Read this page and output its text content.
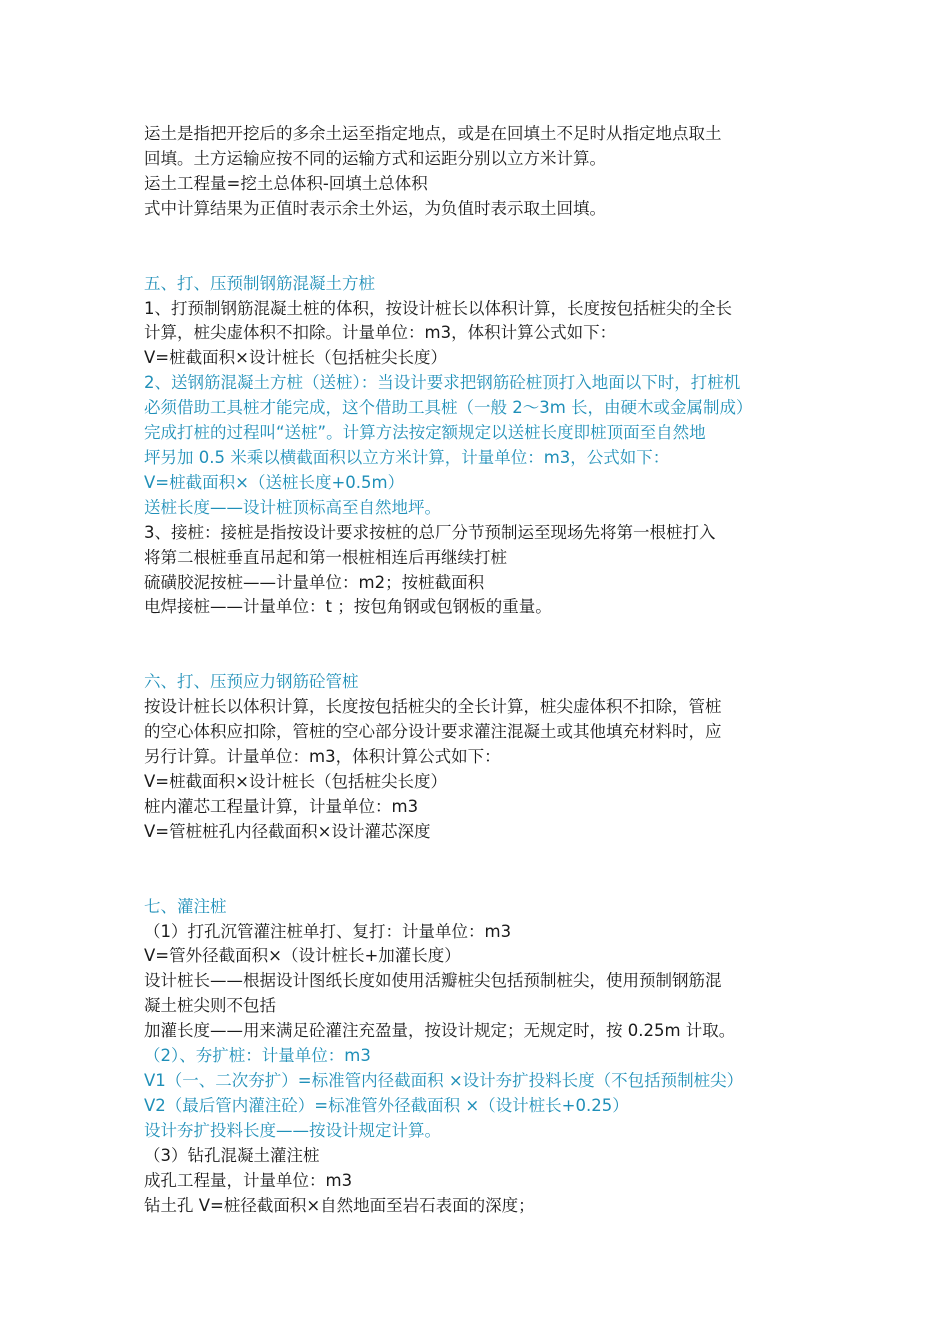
运土是指把开挖后的多余土运至指定地点，或是在回填土不足时从指定地点取土
回填。土方运输应按不同的运输方式和运距分别以立方米计算。
运土工程量=挖土总体积-回填土总体积
式中计算结果为正值时表示余土外运，为负值时表示取土回填。
五、打、压预制钢筋混凝土方桩
1、打预制钢筋混凝土桩的体积，按设计桩长以体积计算，长度按包括桩尖的全长
计算，桩尖虚体积不扣除。计量单位：m3，体积计算公式如下：
V=桩截面积×设计桩长（包括桩尖长度）
2、送钢筋混凝土方桩（送桩）：当设计要求把钢筋砼桩顶打入地面以下时，打桩机
必须借助工具桩才能完成，这个借助工具桩（一般 2～3m 长，由硬木或金属制成）
完成打桩的过程叫“送桩”。计算方法按定额规定以送桩长度即桩顶面至自然地
坪另加 0.5 米乘以横截面积以立方米计算，计量单位：m3，公式如下：
V=桩截面积×（送桩长度+0.5m）
送桩长度——设计桩顶标高至自然地坪。
3、接桩：接桩是指按设计要求按桩的总厂分节预制运至现场先将第一根桩打入
将第二根桩垂直吊起和第一根桩相连后再继续打桩
硫磺胶泥按桩——计量单位：m2；按桩截面积
电焊接桩——计量单位：t ；按包角钢或包钢板的重量。
六、打、压预应力钢筋砼管桩
按设计桩长以体积计算，长度按包括桩尖的全长计算，桩尖虚体积不扣除，管桩
的空心体积应扣除，管桩的空心部分设计要求灌注混凝土或其他填充材料时，应
另行计算。计量单位：m3，体积计算公式如下：
V=桩截面积×设计桩长（包括桩尖长度）
桩内灌芯工程量计算，计量单位：m3
V=管桩桩孔内径截面积×设计灌芯深度
七、灌注桩
（1）打孔沉管灌注桩单打、复打：计量单位：m3
V=管外径截面积×（设计桩长+加灌长度）
设计桩长——根据设计图纸长度如使用活瓣桩尖包括预制桩尖，使用预制钢筋混
凝土桩尖则不包括
加灌长度——用来满足砼灌注充盈量，按设计规定；无规定时，按 0.25m 计取。
（2）、夯扩桩：计量单位：m3
V1（一、二次夯扩）=标准管内径截面积 ×设计夯扩投料长度（不包括预制桩尖）
V2（最后管内灌注砼）=标准管外径截面积 ×（设计桩长+0.25）
设计夯扩投料长度——按设计规定计算。
（3）钻孔混凝土灌注桩
成孔工程量，计量单位：m3
钻土孔 V=桩径截面积×自然地面至岩石表面的深度；
